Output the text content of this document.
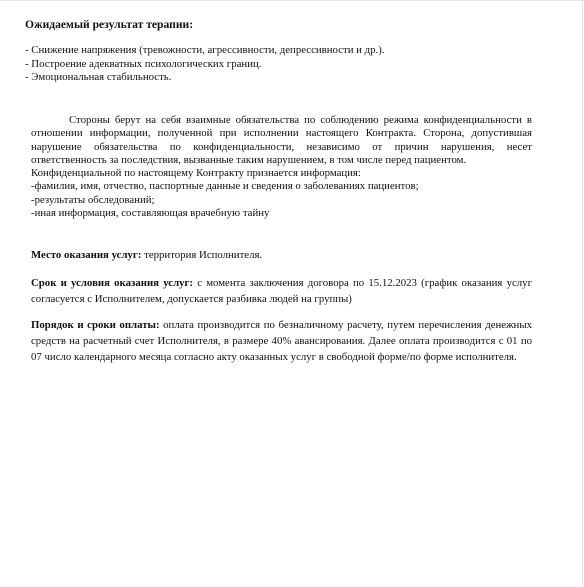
Ожидаемый результат терапии:
- Снижение напряжения (тревожности, агрессивности, депрессивности и др.).
- Построение адекватных психологических границ.
- Эмоциональная стабильность.

Стороны берут на себя взаимные обязательства по соблюдению режима конфиденциальности в отношении информации, полученной при исполнении настоящего Контракта. Сторона, допустившая нарушение обязательства по конфиденциальности, независимо от причин нарушения, несет ответственность за последствия, вызванные таким нарушением, в том числе перед пациентом.

Конфиденциальной по настоящему Контракту признается информация:

-фамилия, имя, отчество, паспортные данные и сведения о заболеваниях пациентов;

-результаты обследований;

-иная информация, составляющая врачебную тайну

Место оказания услуг: территория Исполнителя.

Срок и условия оказания услуг: с момента заключения договора по 15.12.2023 (график оказания услуг согласуется с Исполнителем, допускается разбивка людей на группы)

Порядок и сроки оплаты: оплата производится по безналичному расчету, путем перечисления денежных средств на расчетный счет Исполнителя, в размере 40% авансирования. Далее оплата производится с 01 по 07 число календарного месяца согласно акту оказанных услуг в свободной форме/по форме исполнителя.
